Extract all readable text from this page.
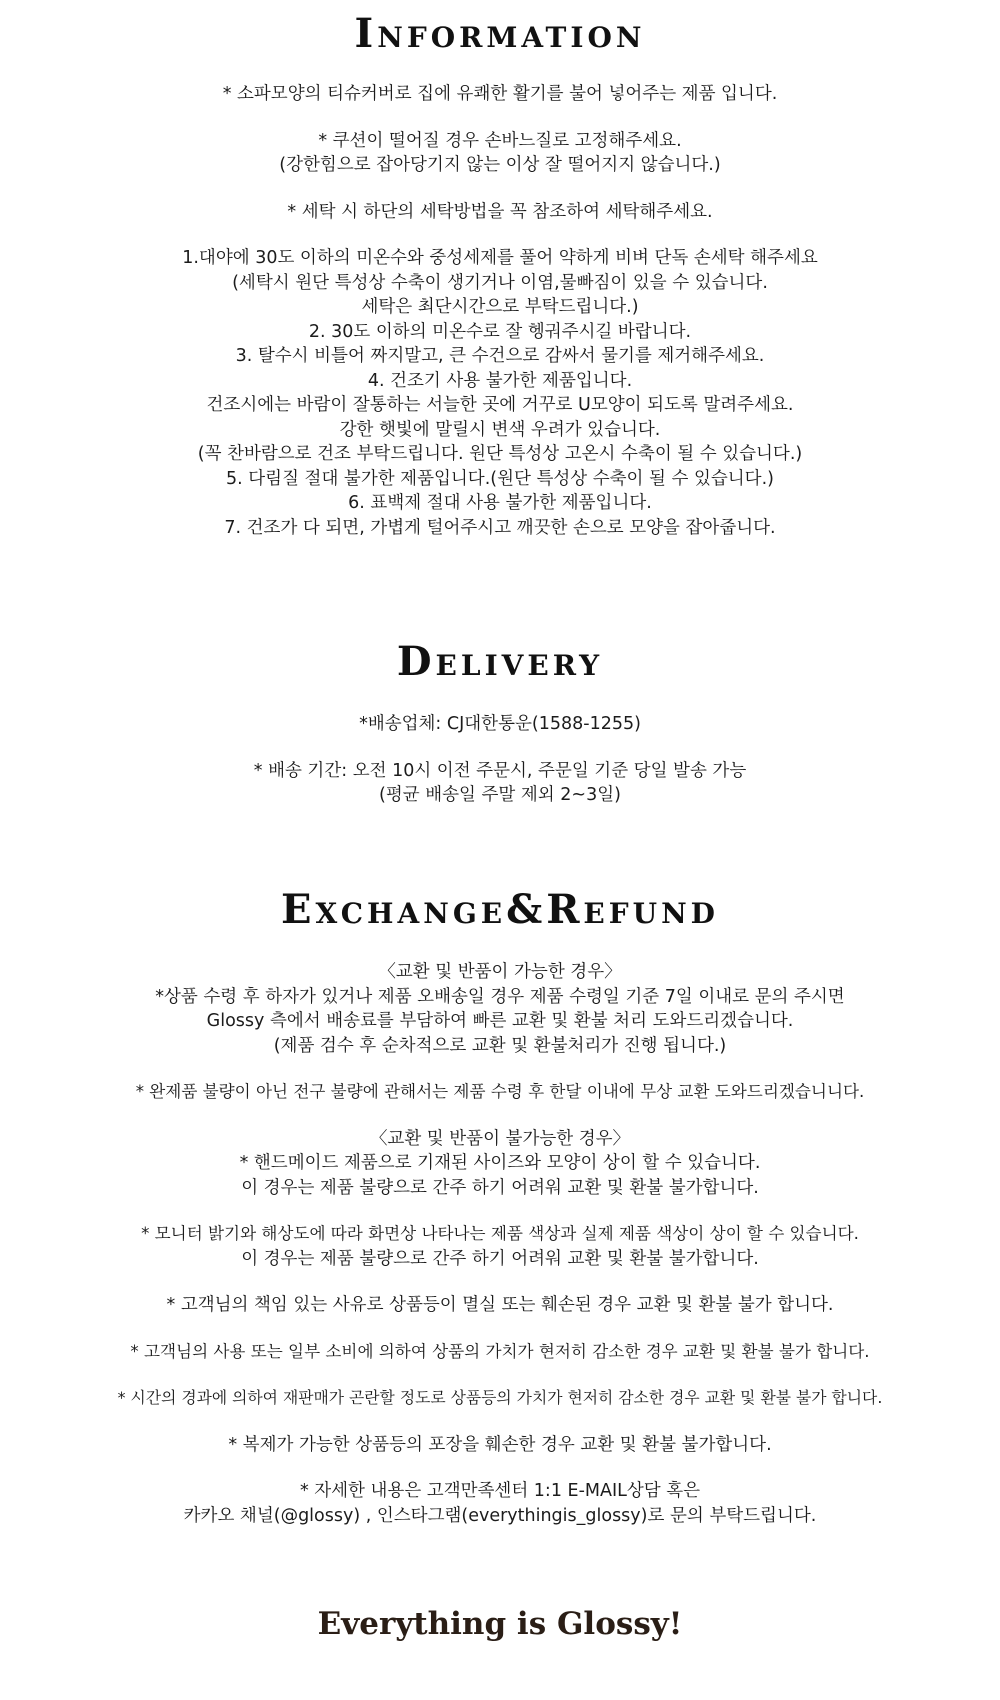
Information
* 소파모양의 티슈커버로 집에 유쾌한 활기를 불어 넣어주는 제품 입니다.
* 쿠션이 떨어질 경우 손바느질로 고정해주세요.
(강한힘으로 잡아당기지 않는 이상 잘 떨어지지 않습니다.)
* 세탁 시 하단의 세탁방법을 꼭 참조하여 세탁해주세요.
1.대야에 30도 이하의 미온수와 중성세제를 풀어 약하게 비벼 단독 손세탁 해주세요
(세탁시 원단 특성상 수축이 생기거나 이염,물빠짐이 있을 수 있습니다.
세탁은 최단시간으로 부탁드립니다.)
2. 30도 이하의 미온수로 잘 헹궈주시길 바랍니다.
3. 탈수시 비틀어 짜지말고, 큰 수건으로 감싸서 물기를 제거해주세요.
4. 건조기 사용 불가한 제품입니다.
건조시에는 바람이 잘통하는 서늘한 곳에 거꾸로 U모양이 되도록 말려주세요.
강한 햇빛에 말릴시 변색 우려가 있습니다.
(꼭 찬바람으로 건조 부탁드립니다. 원단 특성상 고온시 수축이 될 수 있습니다.)
5. 다림질 절대 불가한 제품입니다.(원단 특성상 수축이 될 수 있습니다.)
6. 표백제 절대 사용 불가한 제품입니다.
7. 건조가 다 되면, 가볍게 털어주시고 깨끗한 손으로 모양을 잡아줍니다.
Delivery
*배송업체: CJ대한통운(1588-1255)
* 배송 기간: 오전 10시 이전 주문시, 주문일 기준 당일 발송 가능
(평균 배송일 주말 제외 2~3일)
Exchange&Refund
〈교환 및 반품이 가능한 경우〉
*상품 수령 후 하자가 있거나 제품 오배송일 경우 제품 수령일 기준 7일 이내로 문의 주시면
Glossy 측에서 배송료를 부담하여 빠른 교환 및 환불 처리 도와드리겠습니다.
(제품 검수 후 순차적으로 교환 및 환불처리가 진행 됩니다.)
* 완제품 불량이 아닌 전구 불량에 관해서는 제품 수령 후 한달 이내에 무상 교환 도와드리겠습니니다.
〈교환 및 반품이 불가능한 경우〉
* 핸드메이드 제품으로 기재된 사이즈와 모양이 상이 할 수 있습니다.
이 경우는 제품 불량으로 간주 하기 어려워 교환 및 환불 불가합니다.
* 모니터 밝기와 해상도에 따라 화면상 나타나는 제품 색상과 실제 제품 색상이 상이 할 수 있습니다.
이 경우는 제품 불량으로 간주 하기 어려워 교환 및 환불 불가합니다.
* 고객님의 책임 있는 사유로 상품등이 멸실 또는 훼손된 경우 교환 및 환불 불가 합니다.
* 고객님의 사용 또는 일부 소비에 의하여 상품의 가치가 현저히 감소한 경우 교환 및 환불 불가 합니다.
* 시간의 경과에 의하여 재판매가 곤란할 정도로 상품등의 가치가 현저히 감소한 경우 교환 및 환불 불가 합니다.
* 복제가 가능한 상품등의 포장을 훼손한 경우 교환 및 환불 불가합니다.
* 자세한 내용은 고객만족센터 1:1 E-MAIL상담 혹은
카카오 채널(@glossy) , 인스타그램(everythingis_glossy)로 문의 부탁드립니다.
Everything is Glossy!
